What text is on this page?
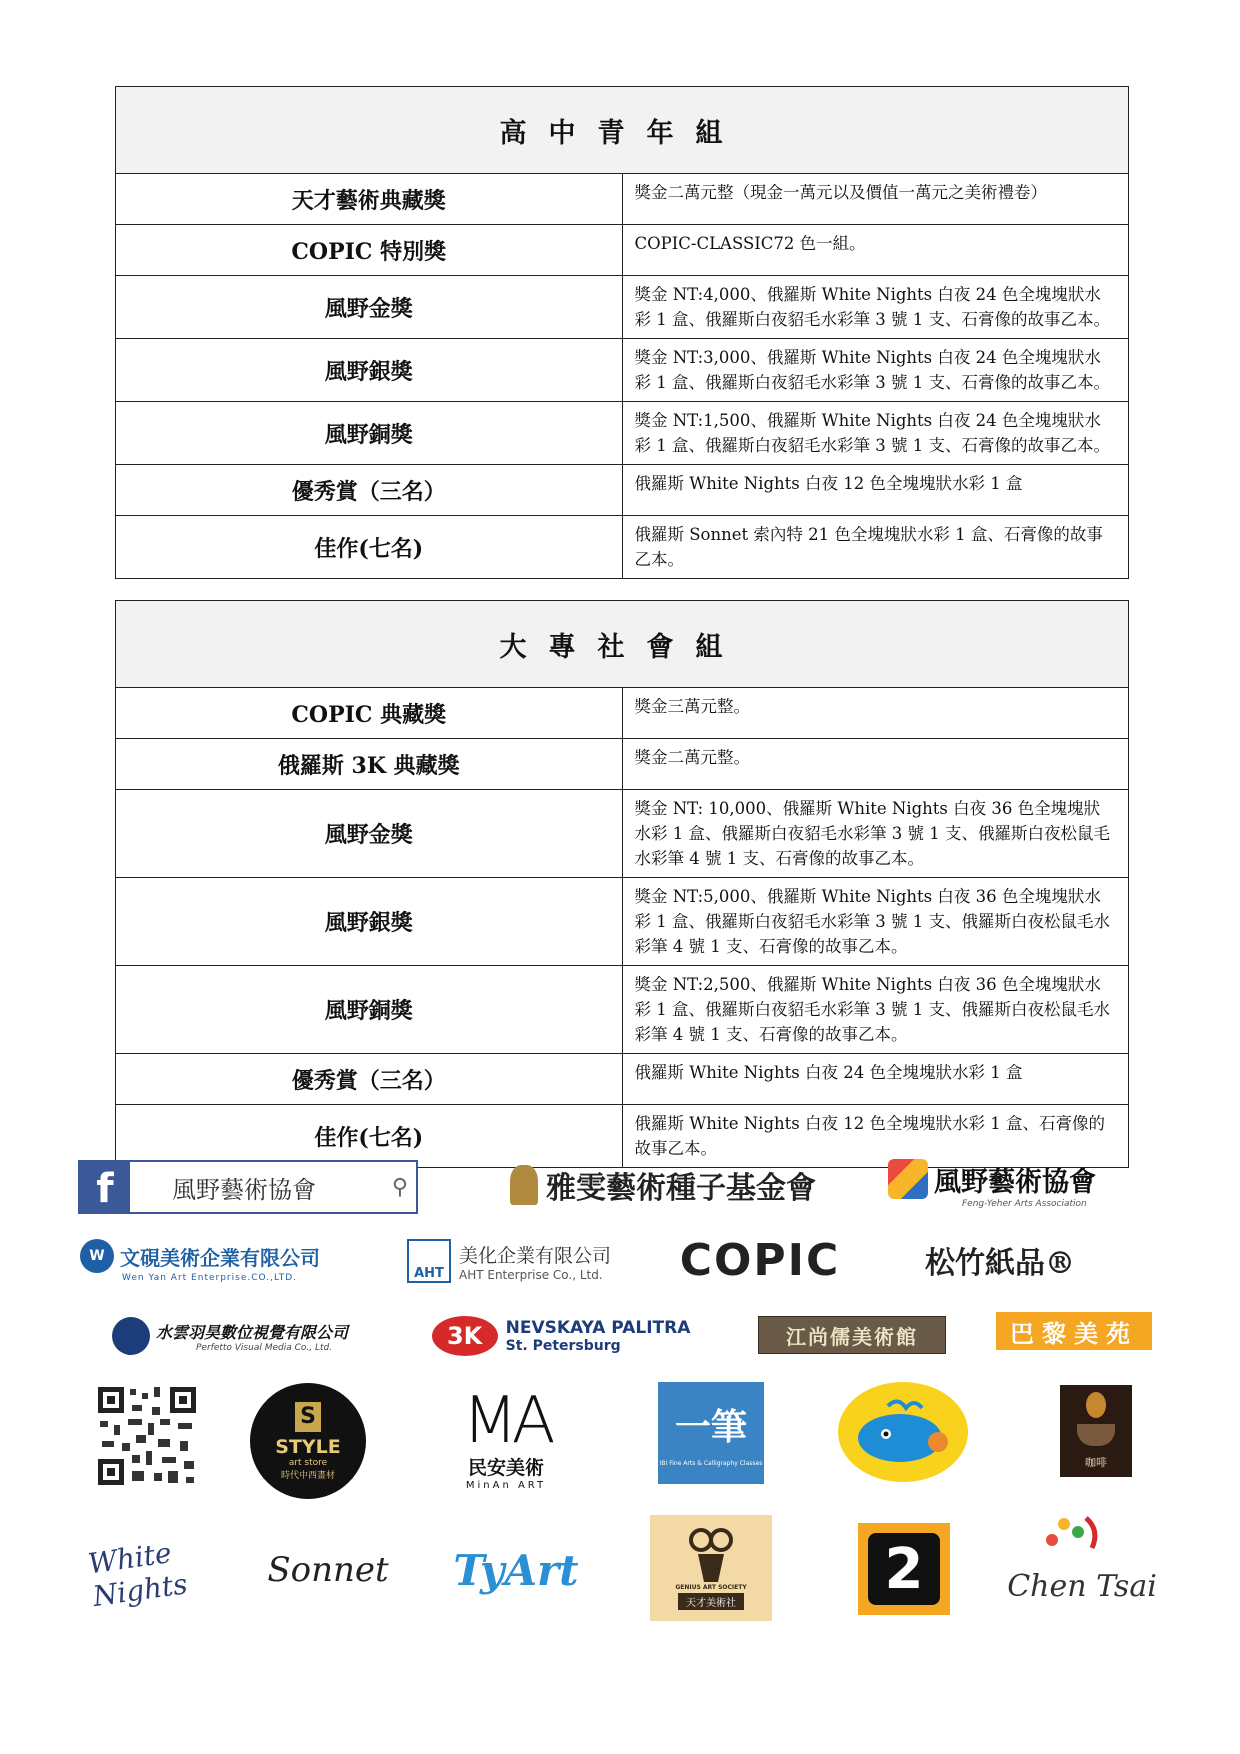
高中青年組	
天才藝術典藏獎	獎金二萬元整（現金一萬元以及價值一萬元之美術禮卷）
COPIC 特別獎	COPIC-CLASSIC72 色一組。
風野金獎	獎金 NT:4,000、俄羅斯 White Nights 白夜 24 色全塊塊狀水彩 1 盒、俄羅斯白夜貂毛水彩筆 3 號 1 支、石膏像的故事乙本。
風野銀獎	獎金 NT:3,000、俄羅斯 White Nights 白夜 24 色全塊塊狀水彩 1 盒、俄羅斯白夜貂毛水彩筆 3 號 1 支、石膏像的故事乙本。
風野銅獎	獎金 NT:1,500、俄羅斯 White Nights 白夜 24 色全塊塊狀水彩 1 盒、俄羅斯白夜貂毛水彩筆 3 號 1 支、石膏像的故事乙本。
優秀賞（三名）	俄羅斯 White Nights 白夜 12 色全塊塊狀水彩 1 盒
佳作(七名)	俄羅斯 Sonnet 索內特 21 色全塊塊狀水彩 1 盒、石膏像的故事乙本。
大專社會組	
COPIC 典藏獎	獎金三萬元整。
俄羅斯 3K 典藏獎	獎金二萬元整。
風野金獎	獎金 NT: 10,000、俄羅斯 White Nights 白夜 36 色全塊塊狀水彩 1 盒、俄羅斯白夜貂毛水彩筆 3 號 1 支、俄羅斯白夜松鼠毛水彩筆 4 號 1 支、石膏像的故事乙本。
風野銀獎	獎金 NT:5,000、俄羅斯 White Nights 白夜 36 色全塊塊狀水彩 1 盒、俄羅斯白夜貂毛水彩筆 3 號 1 支、俄羅斯白夜松鼠毛水彩筆 4 號 1 支、石膏像的故事乙本。
風野銅獎	獎金 NT:2,500、俄羅斯 White Nights 白夜 36 色全塊塊狀水彩 1 盒、俄羅斯白夜貂毛水彩筆 3 號 1 支、俄羅斯白夜松鼠毛水彩筆 4 號 1 支、石膏像的故事乙本。
優秀賞（三名）	俄羅斯 White Nights 白夜 24 色全塊塊狀水彩 1 盒
佳作(七名)	俄羅斯 White Nights 白夜 12 色全塊塊狀水彩 1 盒、石膏像的故事乙本。
f	風野藝術協會	⚲	雅雯藝術種子基金會	風野藝術協會
Feng-Yeher Arts Association
W 文硯美術企業有限公司
Wen Yan Art Enterprise.CO.,LTD.	AHT
美化企業有限公司
AHT Enterprise Co., Ltd. COPIC	松竹紙品®
水雲羽昊數位視覺有限公司
Perfetto Visual Media Co., Ltd.	3K	NEVSKAYA PALITRA
St. Petersburg	江尚儒美術館	巴黎美苑
S
STYLE
art store
時代中西畫材
MA
民安美術
MinAn ART
一筆
IBI Fine Arts & Calligraphy Classes	咖啡
White Nights	Sonnet TyArt	GENIUS ART SOCIETY
天才美術社
2	Chen Tsai
